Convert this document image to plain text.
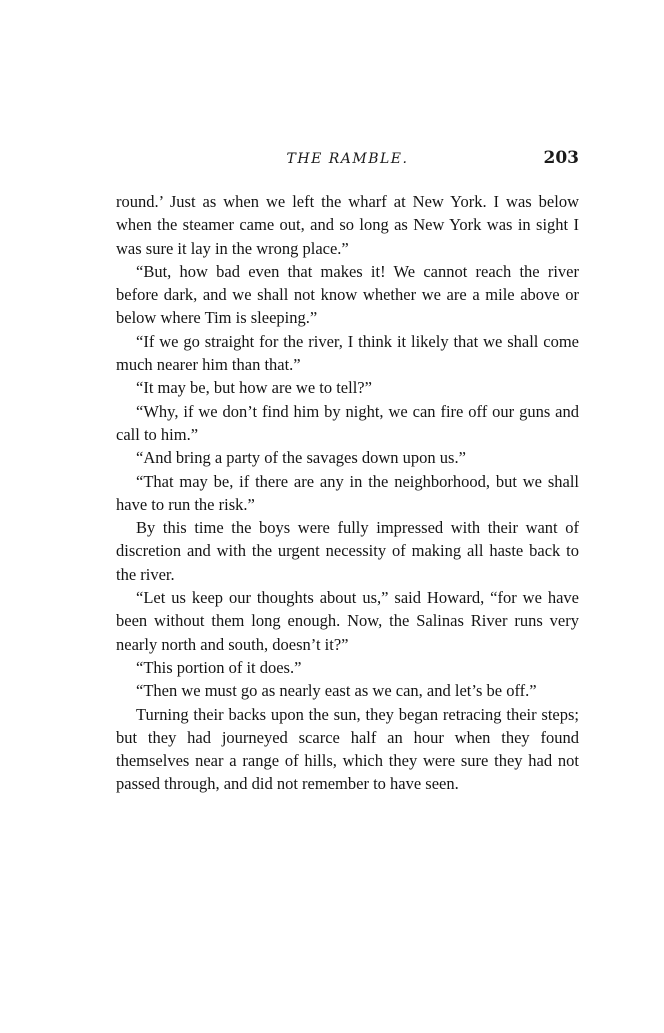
THE RAMBLE.	203

round.’ Just as when we left the wharf at New York. I was below when the steamer came out, and so long as New York was in sight I was sure it lay in the wrong place.”

“But, how bad even that makes it! We cannot reach the river before dark, and we shall not know whether we are a mile above or below where Tim is sleeping.”

“If we go straight for the river, I think it likely that we shall come much nearer him than that.”

“It may be, but how are we to tell?”

“Why, if we don’t find him by night, we can fire off our guns and call to him.”

“And bring a party of the savages down upon us.”

“That may be, if there are any in the neighborhood, but we shall have to run the risk.”

By this time the boys were fully impressed with their want of discretion and with the urgent necessity of making all haste back to the river.

“Let us keep our thoughts about us,” said Howard, “for we have been without them long enough. Now, the Salinas River runs very nearly north and south, doesn’t it?”

“This portion of it does.”

“Then we must go as nearly east as we can, and let’s be off.”

Turning their backs upon the sun, they began retracing their steps; but they had journeyed scarce half an hour when they found themselves near a range of hills, which they were sure they had not passed through, and did not remember to have seen.
